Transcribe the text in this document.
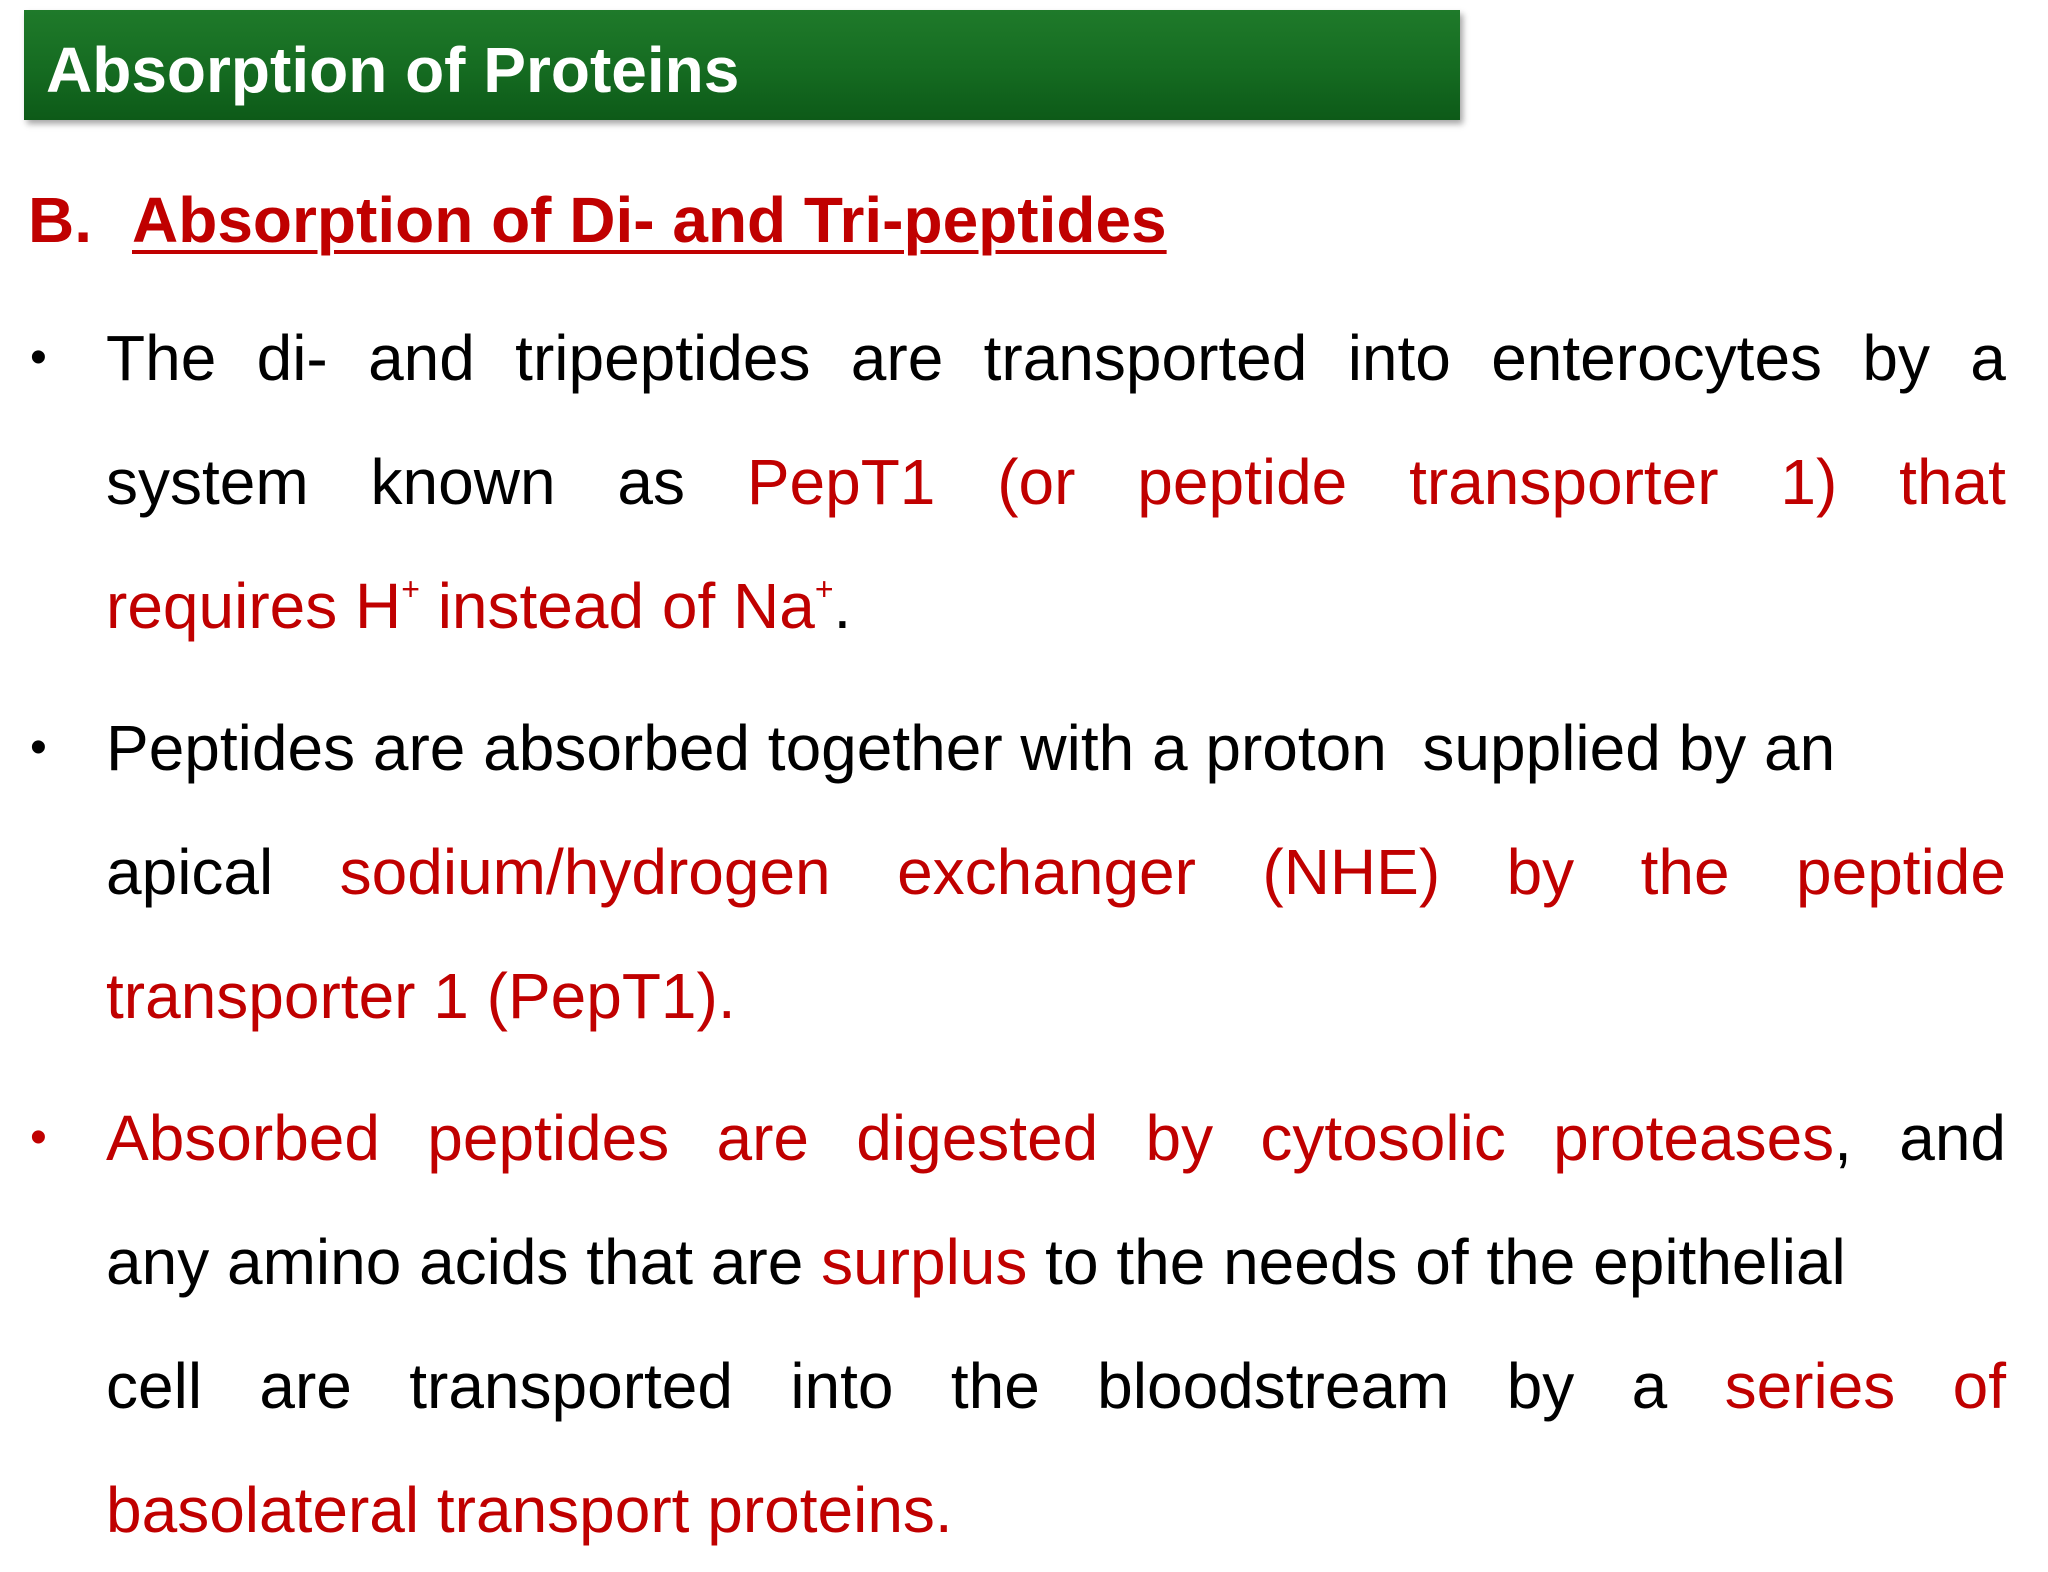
Absorption of Proteins
B. Absorption of Di- and Tri-peptides
• The di- and tripeptides are transported into enterocytes by a
system known as PepT1 (or peptide transporter 1) that
requires H+ instead of Na+.
• Peptides are absorbed together with a proton  supplied by an
apical sodium/hydrogen exchanger (NHE) by the peptide
transporter 1 (PepT1).
• Absorbed peptides are digested by cytosolic proteases, and
any amino acids that are surplus to the needs of the epithelial
cell are transported into the bloodstream by a series of
basolateral transport proteins.
